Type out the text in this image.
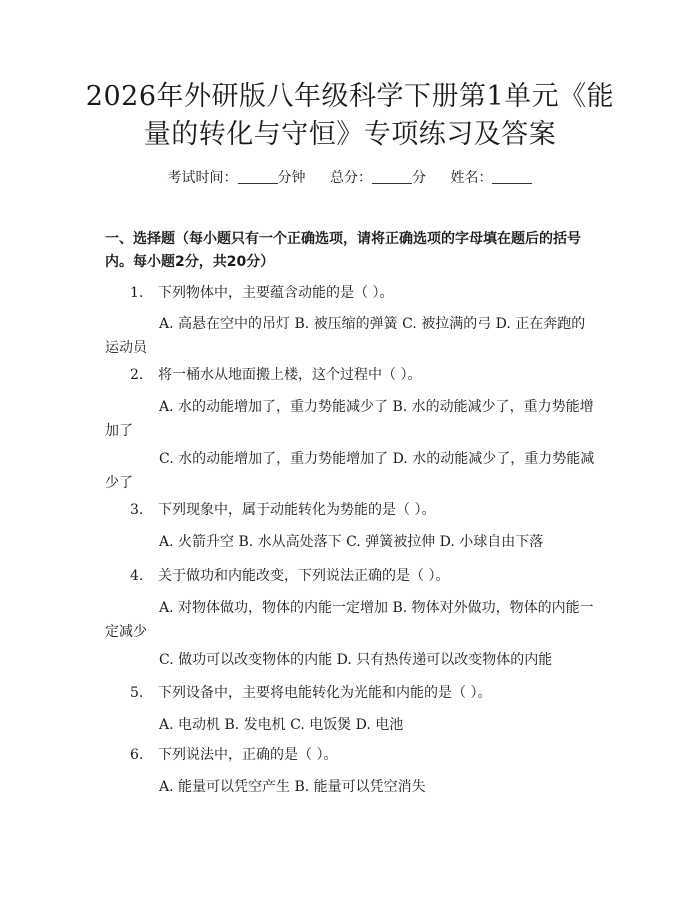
2026年外研版八年级科学下册第1单元《能量的转化与守恒》专项练习及答案
考试时间：	分钟 总分：	分 姓名：
一、选择题（每小题只有一个正确选项，请将正确选项的字母填在题后的括号内。每小题2分，共20分）
1. 下列物体中，主要蕴含动能的是（ ）。
A. 高悬在空中的吊灯 B. 被压缩的弹簧 C. 被拉满的弓 D. 正在奔跑的运动员
2. 将一桶水从地面搬上楼，这个过程中（ ）。
A. 水的动能增加了，重力势能减少了 B. 水的动能减少了，重力势能增加了
C. 水的动能增加了，重力势能增加了 D. 水的动能减少了，重力势能减少了
3. 下列现象中，属于动能转化为势能的是（ ）。
A. 火箭升空 B. 水从高处落下 C. 弹簧被拉伸 D. 小球自由下落
4. 关于做功和内能改变，下列说法正确的是（ ）。
A. 对物体做功，物体的内能一定增加 B. 物体对外做功，物体的内能一定减少
C. 做功可以改变物体的内能 D. 只有热传递可以改变物体的内能
5. 下列设备中，主要将电能转化为光能和内能的是（ ）。
A. 电动机 B. 发电机 C. 电饭煲 D. 电池
6. 下列说法中，正确的是（ ）。
A. 能量可以凭空产生 B. 能量可以凭空消失
